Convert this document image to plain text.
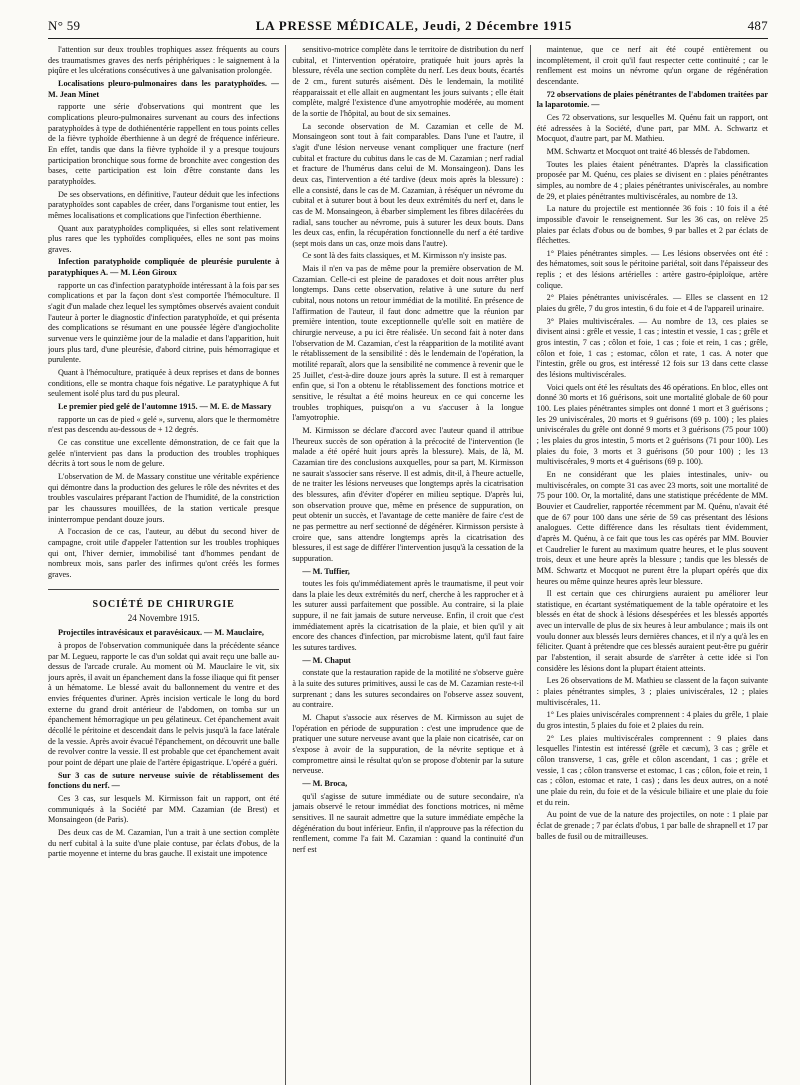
N° 59	LA PRESSE MÉDICALE, Jeudi, 2 Décembre 1915	487

l'attention sur deux troubles trophiques assez fréquents au cours des traumatismes graves des nerfs périphériques : le saignement à la piqûre et les ulcérations consécutives à une galvanisation prolongée.

Localisations pleuro-pulmonaires dans les paratyphoïdes. — M. Jean Minet

rapporte une série d'observations qui montrent que les complications pleuro-pulmonaires survenant au cours des infections paratyphoïdes à type de dothiénentérie rappellent en tous points celles de la fièvre typhoïde éberthienne à un degré de fréquence inférieure. En effet, tandis que dans la fièvre typhoïde il y a presque toujours participation bronchique sous forme de bronchite avec congestion des bases, cette participation est loin d'être constante dans les paratyphoïdes.

De ses observations, en définitive, l'auteur déduit que les infections paratyphoïdes sont capables de créer, dans l'organisme tout entier, les mêmes localisations et complications que l'infection éberthienne.

Quant aux paratyphoïdes compliquées, si elles sont relativement plus rares que les typhoïdes compliquées, elles ne sont pas moins graves.

Infection paratyphoïde compliquée de pleurésie purulente à paratyphiques A. — M. Léon Giroux

rapporte un cas d'infection paratyphoïde intéressant à la fois par ses complications et par la façon dont s'est comportée l'hémoculture. Il s'agit d'un malade chez lequel les symptômes observés avaient conduit l'auteur à porter le diagnostic d'infection paratyphoïde, et qui présenta des complications se résumant en une poussée légère d'angiocholite survenue vers le quinzième jour de la maladie et dans l'apparition, huit jours plus tard, d'une pleurésie, d'abord citrine, puis hémorragique et purulente.

Quant à l'hémoculture, pratiquée à deux reprises et dans de bonnes conditions, elle se montra chaque fois négative. Le paratyphique A fut seulement isolé plus tard du pus pleural.

Le premier pied gelé de l'automne 1915. — M. E. de Massary

rapporte un cas de pied « gelé », survenu, alors que le thermomètre n'est pas descendu au-dessous de + 12 degrés.

Ce cas constitue une excellente démonstration, de ce fait que la gelée n'intervient pas dans la production des troubles trophiques décrits à tort sous le nom de gelure.

L'observation de M. de Massary constitue une véritable expérience qui démontre dans la production des gelures le rôle des névrites et des troubles vasculaires préparant l'action de l'humidité, de la constriction par les chaussures mouillées, de la station verticale presque ininterrompue pendant douze jours.

A l'occasion de ce cas, l'auteur, au début du second hiver de campagne, croit utile d'appeler l'attention sur les troubles trophiques qui ont, l'hiver dernier, immobilisé tant d'hommes pendant de nombreux mois, sans parler des infirmes qu'ont créés les formes graves.

SOCIÉTÉ DE CHIRURGIE

24 Novembre 1915.

Projectiles intravésicaux et paravésicaux. — M. Mauclaire,

à propos de l'observation communiquée dans la précédente séance par M. Legueu, rapporte le cas d'un soldat qui avait reçu une balle au-dessus de l'arcade crurale. Au moment où M. Mauclaire le vit, six jours après, il avait un épanchement dans la fosse iliaque qui fit penser à un hématome. Le blessé avait du ballonnement du ventre et des envies fréquentes d'uriner. Après incision verticale le long du bord externe du grand droit antérieur de l'abdomen, on tomba sur un épanchement hémorragique un peu gélatineux. Cet épanchement avait décollé le péritoine et descendait dans le pelvis jusqu'à la face latérale de la vessie. Après avoir évacué l'épanchement, on découvrit une balle de revolver contre la vessie. Il est probable que cet épanchement avait pour point de départ une plaie de l'artère épigastrique. L'opéré a guéri.

Sur 3 cas de suture nerveuse suivie de rétablissement des fonctions du nerf. —

Ces 3 cas, sur lesquels M. Kirmisson fait un rapport, ont été communiqués à la Société par MM. Cazamian (de Brest) et Monsaingeon (de Paris).

Des deux cas de M. Cazamian, l'un a trait à une section complète du nerf cubital à la suite d'une plaie contuse, par éclats d'obus, de la partie moyenne et interne du bras gauche. Il existait une impotence

sensitivo-motrice complète dans le territoire de distribution du nerf cubital, et l'intervention opératoire, pratiquée huit jours après la blessure, révéla une section complète du nerf. Les deux bouts, écartés de 2 cm., furent suturés aisément. Dès le lendemain, la motilité réapparaissait et elle allait en augmentant les jours suivants ; elle était complète, malgré l'existence d'une amyotrophie modérée, au moment de la sortie de l'hôpital, au bout de six semaines.

La seconde observation de M. Cazamian et celle de M. Monsaingeon sont tout à fait comparables. Dans l'une et l'autre, il s'agit d'une lésion nerveuse venant compliquer une fracture (nerf cubital et fracture du cubitus dans le cas de M. Cazamian ; nerf radial et fracture de l'humérus dans celui de M. Monsaingeon). Dans les deux cas, l'intervention a été tardive (deux mois après la blessure) : elle a consisté, dans le cas de M. Cazamian, à réséquer un névrome du cubital et à suturer bout à bout les deux extrémités du nerf et, dans le cas de M. Monsaingeon, à ébarber simplement les fibres dilacérées du radial, sans toucher au névrome, puis à suturer les deux bouts. Dans les deux cas, enfin, la récupération fonctionnelle du nerf a été tardive (sept mois dans un cas, onze mois dans l'autre).

Ce sont là des faits classiques, et M. Kirmisson n'y insiste pas.

Mais il n'en va pas de même pour la première observation de M. Cazamian. Celle-ci est pleine de paradoxes et doit nous arrêter plus longtemps. Dans cette observation, relative à une suture du nerf cubital, nous notons un retour immédiat de la motilité. En présence de l'affirmation de l'auteur, il faut donc admettre que la réunion par première intention, toute exceptionnelle qu'elle soit en matière de chirurgie nerveuse, a pu ici être réalisée. Un second fait à noter dans l'observation de M. Cazamian, c'est la réapparition de la motilité avant le rétablissement de la sensibilité : dès le lendemain de l'opération, la motilité reparaît, alors que la sensibilité ne commence à revenir que le 25 Juillet, c'est-à-dire douze jours après la suture. Il est à remarquer enfin que, si l'on a obtenu le rétablissement des fonctions motrice et sensitive, le résultat a été moins heureux en ce qui concerne les troubles trophiques, puisqu'on a vu s'accuser à la longue l'amyotrophie.

M. Kirmisson se déclare d'accord avec l'auteur quand il attribue l'heureux succès de son opération à la précocité de l'intervention (le malade a été opéré huit jours après la blessure). Mais, de là, M. Cazamian tire des conclusions auxquelles, pour sa part, M. Kirmisson ne saurait s'associer sans réserve. Il est admis, dit-il, à l'heure actuelle, de ne traiter les lésions nerveuses que longtemps après la cicatrisation des blessures, afin d'éviter d'opérer en milieu septique. D'après lui, son observation prouve que, même en présence de suppuration, on peut obtenir un succès, et l'avantage de cette manière de faire c'est de ne pas permettre au nerf sectionné de dégénérer. Kirmisson persiste à croire que, sans attendre longtemps après la cicatrisation des blessures, il est sage de différer l'intervention jusqu'à la cessation de la suppuration.

— M. Tuffier,

toutes les fois qu'immédiatement après le traumatisme, il peut voir dans la plaie les deux extrémités du nerf, cherche à les rapprocher et à les suturer aussi parfaitement que possible. Au contraire, si la plaie suppure, il ne fait jamais de suture nerveuse. Enfin, il croit que c'est immédiatement après la cicatrisation de la plaie, et bien qu'il y ait encore des chances d'infection, par microbisme latent, qu'il faut faire les sutures tardives.

— M. Chaput

constate que la restauration rapide de la motilité ne s'observe guère à la suite des sutures primitives, aussi le cas de M. Cazamian reste-t-il surprenant ; dans les sutures secondaires on l'observe assez souvent, au contraire.

M. Chaput s'associe aux réserves de M. Kirmisson au sujet de l'opération en période de suppuration : c'est une imprudence que de pratiquer une suture nerveuse avant que la plaie non cicatrisée, car on s'expose à avoir de la suppuration, de la névrite septique et à compromettre ainsi le résultat qu'on se propose d'obtenir par la suture nerveuse.

— M. Broca,

qu'il s'agisse de suture immédiate ou de suture secondaire, n'a jamais observé le retour immédiat des fonctions motrices, ni même sensitives. Il ne saurait admettre que la suture immédiate empêche la dégénération du bout inférieur. Enfin, il n'approuve pas la réfection du renflement, comme l'a fait M. Cazamian : quand la continuité d'un nerf est

maintenue, que ce nerf ait été coupé entièrement ou incomplètement, il croit qu'il faut respecter cette continuité ; car le renflement est moins un névrome qu'un organe de régénération descendante.

72 observations de plaies pénétrantes de l'abdomen traitées par la laparotomie. —

Ces 72 observations, sur lesquelles M. Quénu fait un rapport, ont été adressées à la Société, d'une part, par MM. A. Schwartz et Mocquot, d'autre part, par M. Mathieu.

MM. Schwartz et Mocquot ont traité 46 blessés de l'abdomen.

Toutes les plaies étaient pénétrantes. D'après la classification proposée par M. Quénu, ces plaies se divisent en : plaies pénétrantes simples, au nombre de 4 ; plaies pénétrantes univiscérales, au nombre de 29, et plaies pénétrantes multiviscérales, au nombre de 13.

La nature du projectile est mentionnée 36 fois : 10 fois il a été impossible d'avoir le renseignement. Sur les 36 cas, on relève 25 plaies par éclats d'obus ou de bombes, 9 par balles et 2 par éclats de fléchettes.

1° Plaies pénétrantes simples. — Les lésions observées ont été : des hématomes, soit sous le péritoine pariétal, soit dans l'épaisseur des replis ; et des lésions artérielles : artère gastro-épiploïque, artère colique.

2° Plaies pénétrantes univiscérales. — Elles se classent en 12 plaies du grêle, 7 du gros intestin, 6 du foie et 4 de l'appareil urinaire.

3° Plaies multiviscérales. — Au nombre de 13, ces plaies se divisent ainsi : grêle et vessie, 1 cas ; intestin et vessie, 1 cas ; grêle et gros intestin, 7 cas ; côlon et foie, 1 cas ; foie et rein, 1 cas ; grêle, côlon et foie, 1 cas ; estomac, côlon et rate, 1 cas. A noter que l'intestin, grêle ou gros, est intéressé 12 fois sur 13 dans cette classe des lésions multiviscérales.

Voici quels ont été les résultats des 46 opérations. En bloc, elles ont donné 30 morts et 16 guérisons, soit une mortalité globale de 60 pour 100. Les plaies pénétrantes simples ont donné 1 mort et 3 guérisons ; les 29 univiscérales, 20 morts et 9 guérisons (69 p. 100) ; les plaies univiscérales du grêle ont donné 9 morts et 3 guérisons (75 pour 100) ; les plaies du gros intestin, 5 morts et 2 guérisons (71 pour 100). Les plaies du foie, 3 morts et 3 guérisons (50 pour 100) ; les 13 multiviscérales, 9 morts et 4 guérisons (69 p. 100).

En ne considérant que les plaies intestinales, univ- ou multiviscérales, on compte 31 cas avec 23 morts, soit une mortalité de 75 pour 100. Or, la mortalité, dans une statistique précédente de MM. Bouvier et Caudrelier, rapportée récemment par M. Quénu, n'avait été que de 67 pour 100 dans une série de 59 cas présentant des lésions analogues. Cette différence dans les résultats tient évidemment, d'après M. Quénu, à ce fait que tous les cas opérés par MM. Bouvier et Caudrelier le furent au maximum quatre heures, et le plus souvent trois, deux et une heure après la blessure ; tandis que les blessés de MM. Schwartz et Mocquot ne purent être la plupart opérés que dix heures ou même quinze heures après leur blessure.

Il est certain que ces chirurgiens auraient pu améliorer leur statistique, en écartant systématiquement de la table opératoire et les blessés en état de shock à lésions désespérées et les blessés apportés avec un intervalle de plus de six heures à leur ambulance ; mais ils ont voulu donner aux blessés leurs dernières chances, et il n'y a qu'à les en féliciter. Quant à prétendre que ces blessés auraient peut-être pu guérir par l'abstention, il serait absurde de s'arrêter à cette idée si l'on considère les lésions dont la plupart étaient atteints.

Les 26 observations de M. Mathieu se classent de la façon suivante : plaies pénétrantes simples, 3 ; plaies univiscérales, 12 ; plaies multiviscérales, 11.

1° Les plaies univiscérales comprennent : 4 plaies du grêle, 1 plaie du gros intestin, 5 plaies du foie et 2 plaies du rein.

2° Les plaies multiviscérales comprennent : 9 plaies dans lesquelles l'intestin est intéressé (grêle et cæcum), 3 cas ; grêle et côlon transverse, 1 cas, grêle et côlon ascendant, 1 cas ; grêle et vessie, 1 cas ; côlon transverse et estomac, 1 cas ; côlon, foie et rein, 1 cas ; côlon, estomac et rate, 1 cas) ; dans les deux autres, on a noté une plaie du rein, du foie et de la vésicule biliaire et une plaie du foie et du rein.

Au point de vue de la nature des projectiles, on note : 1 plaie par éclat de grenade ; 7 par éclats d'obus, 1 par balle de shrapnell et 17 par balles de fusil ou de mitrailleuses.
